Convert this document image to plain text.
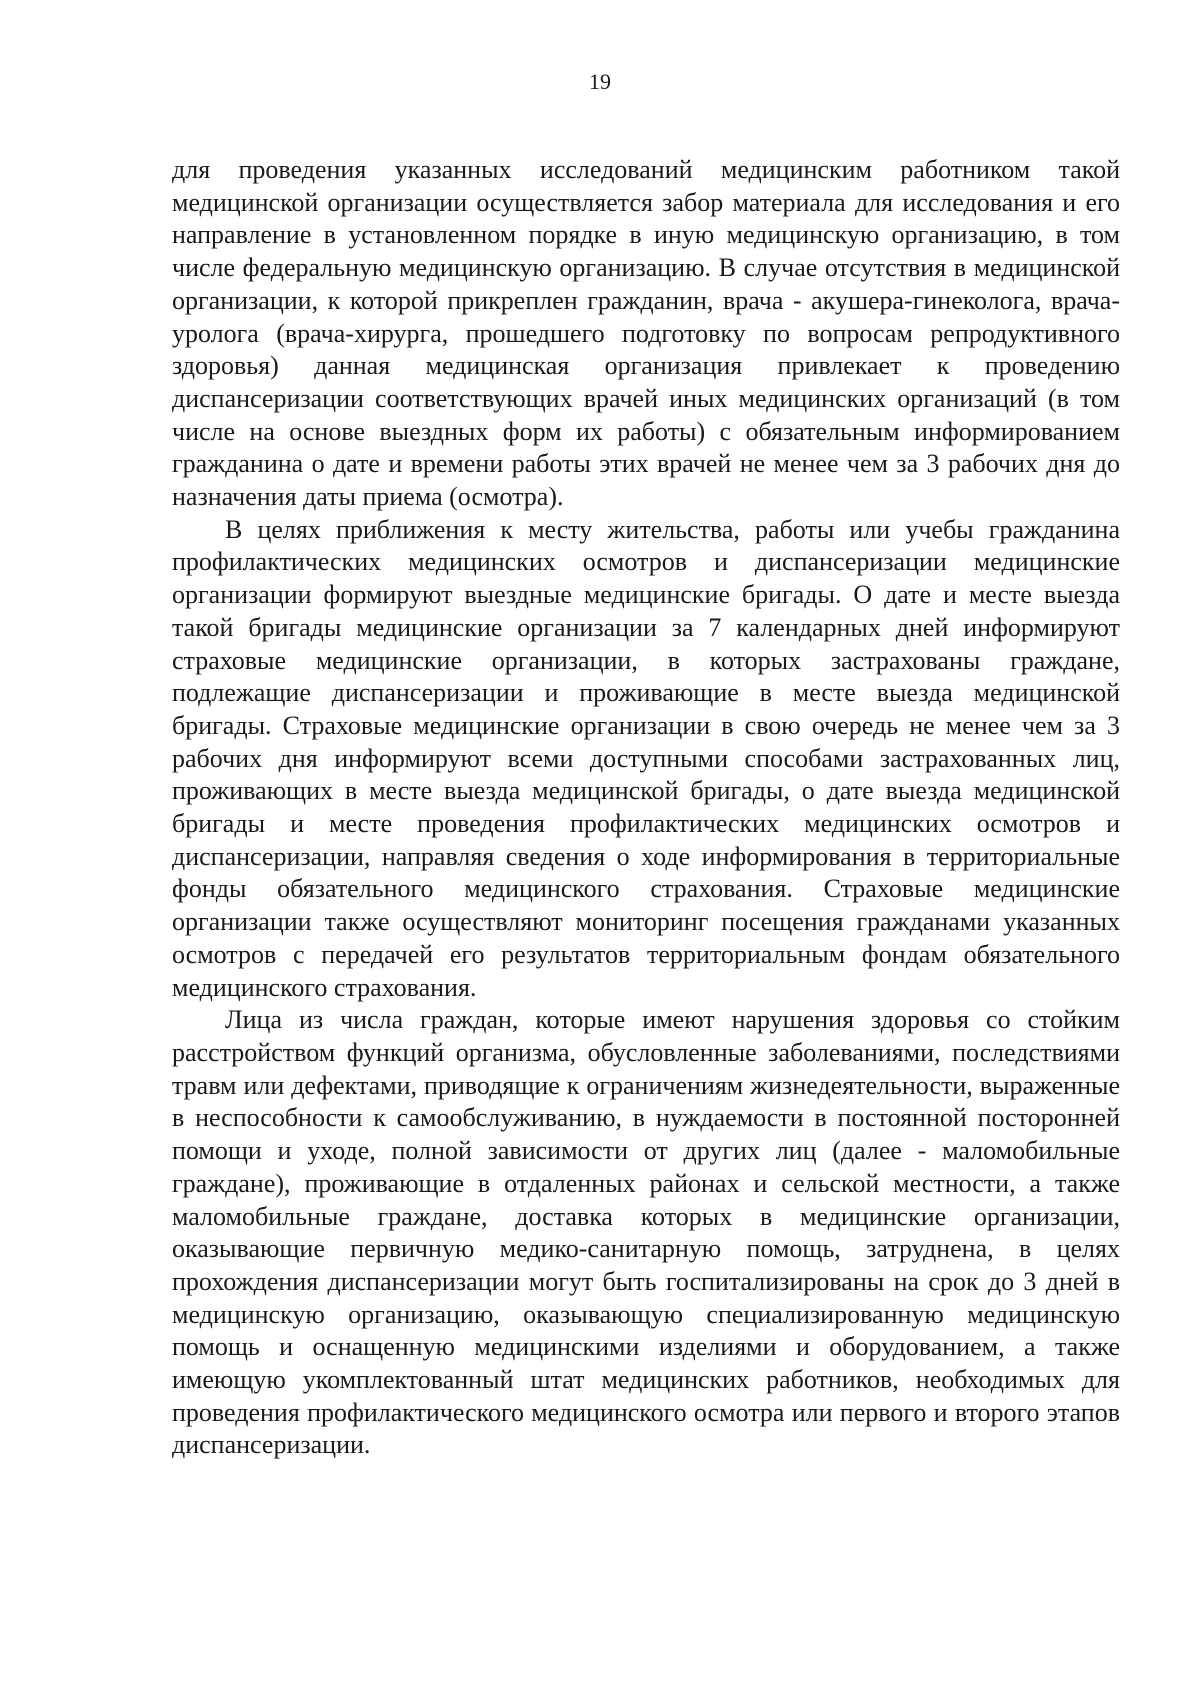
19

для проведения указанных исследований медицинским работником такой медицинской организации осуществляется забор материала для исследования и его направление в установленном порядке в иную медицинскую организацию, в том числе федеральную медицинскую организацию. В случае отсутствия в медицинской организации, к которой прикреплен гражданин, врача - акушера-гинеколога, врача-уролога (врача-хирурга, прошедшего подготовку по вопросам репродуктивного здоровья) данная медицинская организация привлекает к проведению диспансеризации соответствующих врачей иных медицинских организаций (в том числе на основе выездных форм их работы) с обязательным информированием гражданина о дате и времени работы этих врачей не менее чем за 3 рабочих дня до назначения даты приема (осмотра).

В целях приближения к месту жительства, работы или учебы гражданина профилактических медицинских осмотров и диспансеризации медицинские организации формируют выездные медицинские бригады. О дате и месте выезда такой бригады медицинские организации за 7 календарных дней информируют страховые медицинские организации, в которых застрахованы граждане, подлежащие диспансеризации и проживающие в месте выезда медицинской бригады. Страховые медицинские организации в свою очередь не менее чем за 3 рабочих дня информируют всеми доступными способами застрахованных лиц, проживающих в месте выезда медицинской бригады, о дате выезда медицинской бригады и месте проведения профилактических медицинских осмотров и диспансеризации, направляя сведения о ходе информирования в территориальные фонды обязательного медицинского страхования. Страховые медицинские организации также осуществляют мониторинг посещения гражданами указанных осмотров с передачей его результатов территориальным фондам обязательного медицинского страхования.

Лица из числа граждан, которые имеют нарушения здоровья со стойким расстройством функций организма, обусловленные заболеваниями, последствиями травм или дефектами, приводящие к ограничениям жизнедеятельности, выраженные в неспособности к самообслуживанию, в нуждаемости в постоянной посторонней помощи и уходе, полной зависимости от других лиц (далее - маломобильные граждане), проживающие в отдаленных районах и сельской местности, а также маломобильные граждане, доставка которых в медицинские организации, оказывающие первичную медико-санитарную помощь, затруднена, в целях прохождения диспансеризации могут быть госпитализированы на срок до 3 дней в медицинскую организацию, оказывающую специализированную медицинскую помощь и оснащенную медицинскими изделиями и оборудованием, а также имеющую укомплектованный штат медицинских работников, необходимых для проведения профилактического медицинского осмотра или первого и второго этапов диспансеризации.
